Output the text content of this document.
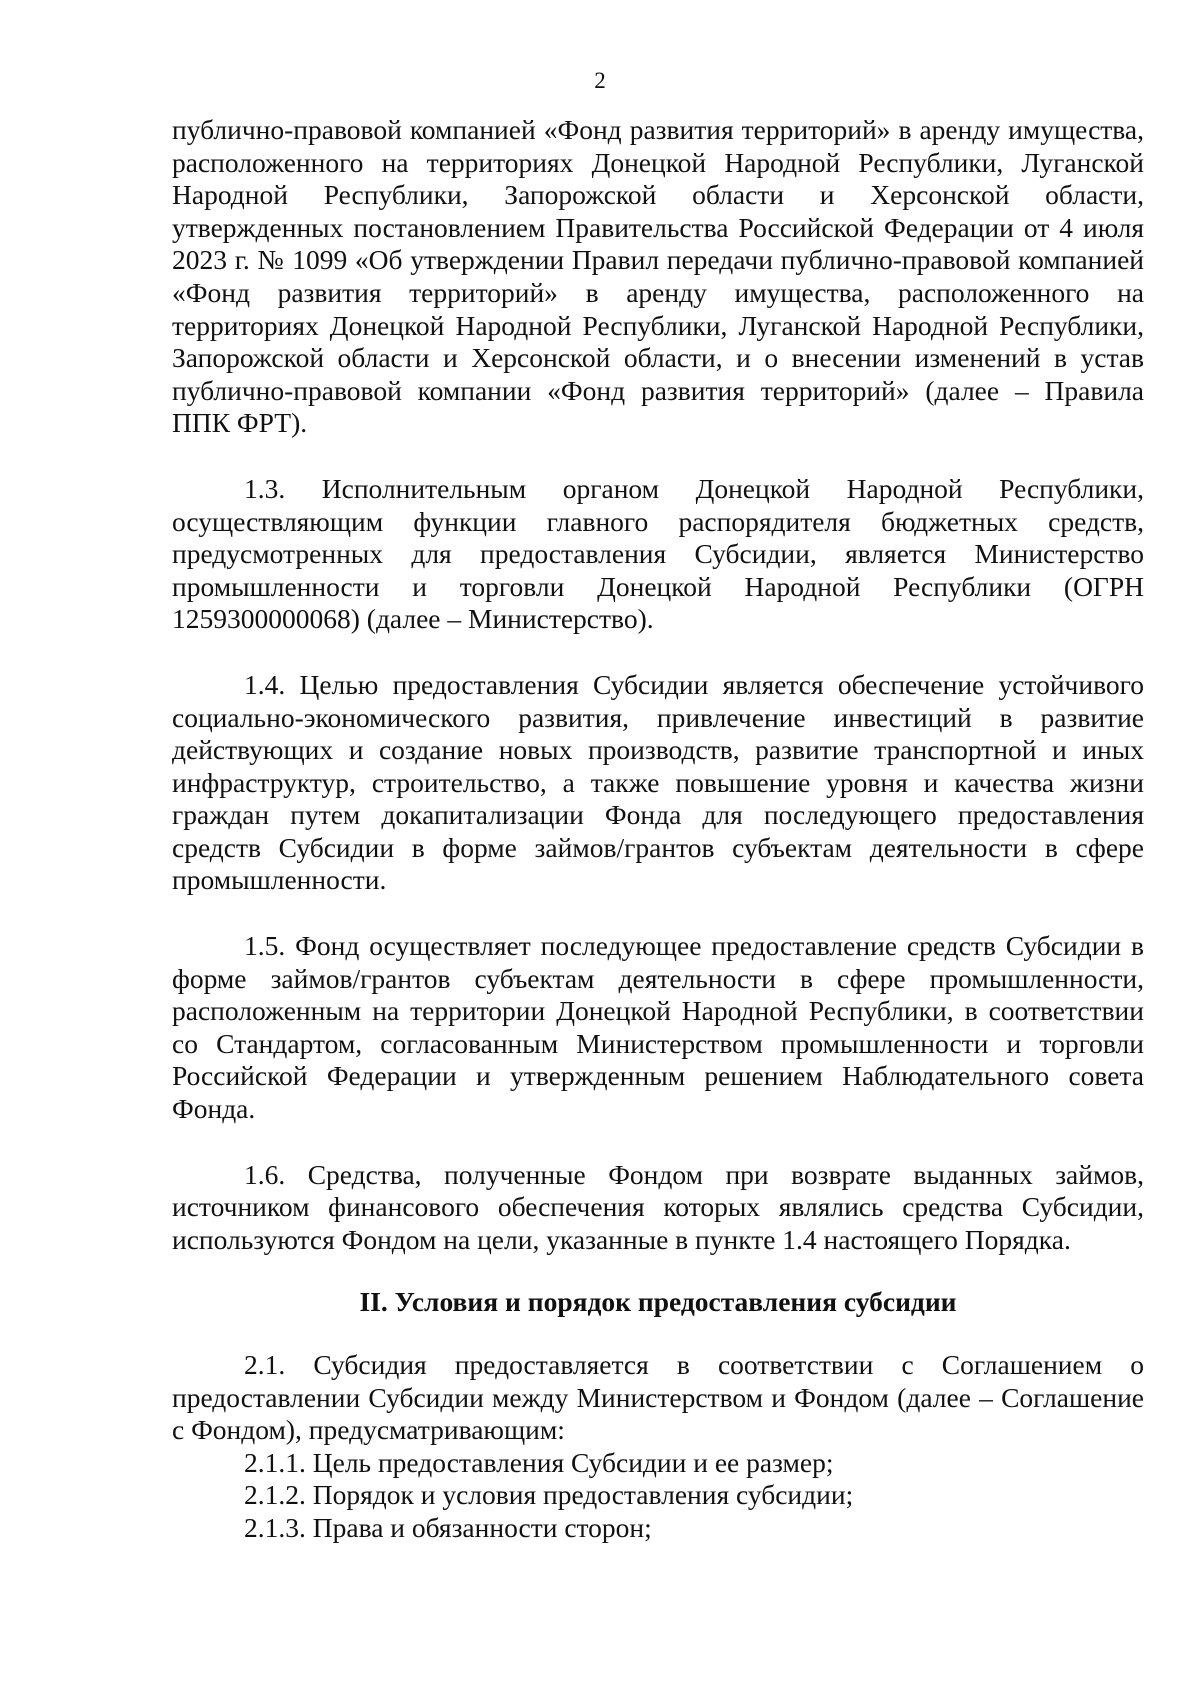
2

публично-правовой компанией «Фонд развития территорий» в аренду имущества, расположенного на территориях Донецкой Народной Республики, Луганской Народной Республики, Запорожской области и Херсонской области, утвержденных постановлением Правительства Российской Федерации от 4 июля 2023 г. № 1099 «Об утверждении Правил передачи публично-правовой компанией «Фонд развития территорий» в аренду имущества, расположенного на территориях Донецкой Народной Республики, Луганской Народной Республики, Запорожской области и Херсонской области, и о внесении изменений в устав публично-правовой компании «Фонд развития территорий» (далее – Правила ППК ФРТ).

1.3. Исполнительным органом Донецкой Народной Республики, осуществляющим функции главного распорядителя бюджетных средств, предусмотренных для предоставления Субсидии, является Министерство промышленности и торговли Донецкой Народной Республики (ОГРН 1259300000068) (далее – Министерство).

1.4. Целью предоставления Субсидии является обеспечение устойчивого социально-экономического развития, привлечение инвестиций в развитие действующих и создание новых производств, развитие транспортной и иных инфраструктур, строительство, а также повышение уровня и качества жизни граждан путем докапитализации Фонда для последующего предоставления средств Субсидии в форме займов/грантов субъектам деятельности в сфере промышленности.

1.5. Фонд осуществляет последующее предоставление средств Субсидии в форме займов/грантов субъектам деятельности в сфере промышленности, расположенным на территории Донецкой Народной Республики, в соответствии со Стандартом, согласованным Министерством промышленности и торговли Российской Федерации и утвержденным решением Наблюдательного совета Фонда.

1.6. Средства, полученные Фондом при возврате выданных займов, источником финансового обеспечения которых являлись средства Субсидии, используются Фондом на цели, указанные в пункте 1.4 настоящего Порядка.

II. Условия и порядок предоставления субсидии

2.1. Субсидия предоставляется в соответствии с Соглашением о предоставлении Субсидии между Министерством и Фондом (далее – Соглашение с Фондом), предусматривающим:

2.1.1. Цель предоставления Субсидии и ее размер;

2.1.2. Порядок и условия предоставления субсидии;

2.1.3. Права и обязанности сторон;
